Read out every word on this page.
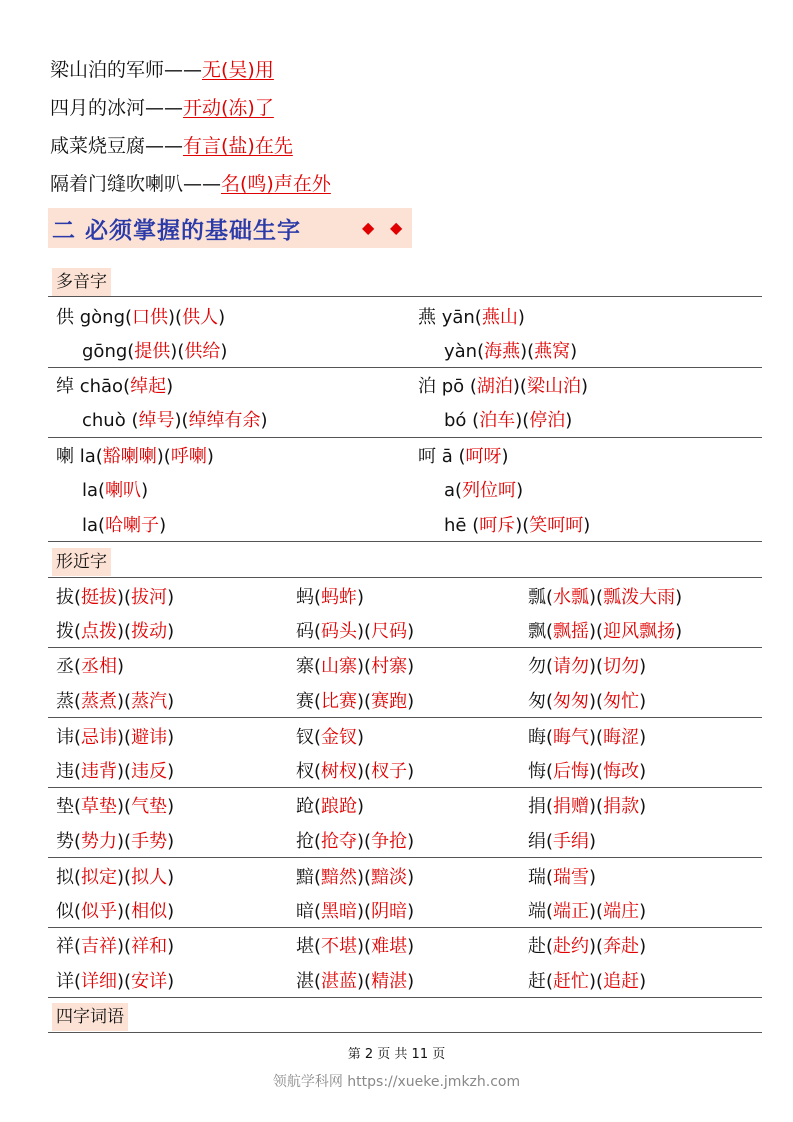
梁山泊的军师——无(吴)用
四月的冰河——开动(冻)了
咸菜烧豆腐——有言(盐)在先
隔着门缝吹喇叭——名(鸣)声在外
二 必须掌握的基础生字	◆ ◆
多音字
供 gòng(口供)(供人)	燕 yān(燕山)
gōng(提供)(供给)	yàn(海燕)(燕窝)
绰 chāo(绰起)	泊 pō (湖泊)(梁山泊)
chuò (绰号)(绰绰有余)	bó (泊车)(停泊)
喇 la(豁喇喇)(呼喇)	呵 ā (呵呀)
la(喇叭)	a(列位呵)
la(哈喇子)	hē (呵斥)(笑呵呵)
形近字
拔(挺拔)(拔河)	蚂(蚂蚱)	瓢(水瓢)(瓢泼大雨)
拨(点拨)(拨动)	码(码头)(尺码)	飘(飘摇)(迎风飘扬)
丞(丞相)	寨(山寨)(村寨)	勿(请勿)(切勿)
蒸(蒸煮)(蒸汽)	赛(比赛)(赛跑)	匆(匆匆)(匆忙)
讳(忌讳)(避讳)	钗(金钗)	晦(晦气)(晦涩)
违(违背)(违反)	杈(树杈)(杈子)	悔(后悔)(悔改)
垫(草垫)(气垫)	跄(踉跄)	捐(捐赠)(捐款)
势(势力)(手势)	抢(抢夺)(争抢)	绢(手绢)
拟(拟定)(拟人)	黯(黯然)(黯淡)	瑞(瑞雪)
似(似乎)(相似)	暗(黑暗)(阴暗)	端(端正)(端庄)
祥(吉祥)(祥和)	堪(不堪)(难堪)	赴(赴约)(奔赴)
详(详细)(安详)	湛(湛蓝)(精湛)	赶(赶忙)(追赶)
四字词语
第 2 页 共 11 页
领航学科网 https://xueke.jmkzh.com
